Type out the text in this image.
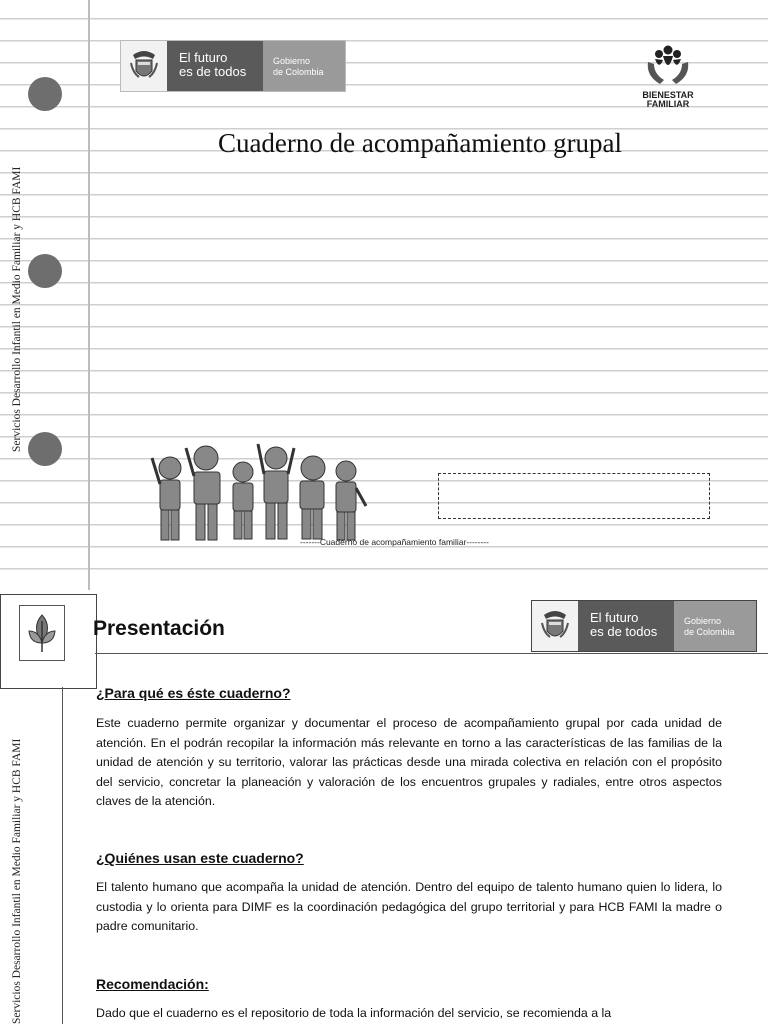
Servicios Desarrollo Infantil en Medio Familiar y HCB FAMI
El futuro
es de todos
Gobierno
de Colombia
BIENESTAR
FAMILIAR
Cuaderno de acompañamiento grupal
-------Cuaderno de acompañamiento familiar--------
Presentación	El futuro
es de todos
Gobierno
de Colombia
Servicios Desarrollo Infantil en Medio Familiar y HCB FAMI
¿Para qué es éste cuaderno?
Este cuaderno permite organizar y documentar el proceso de acompañamiento grupal por cada unidad de atención. En el podrán recopilar la información más relevante en torno a las características de las familias de la unidad de atención y su territorio, valorar las prácticas desde una mirada colectiva en relación con el propósito del servicio, concretar la planeación y valoración de los encuentros grupales y radiales, entre otros aspectos claves de la atención.
¿Quiénes usan este cuaderno?
El talento humano que acompaña la unidad de atención. Dentro del equipo de talento humano quien lo lidera, lo custodia y lo orienta para DIMF es la coordinación pedagógica del grupo territorial y para HCB FAMI la madre o padre comunitario.
Recomendación:
Dado que el cuaderno es el repositorio de toda la información del servicio, se recomienda a la
